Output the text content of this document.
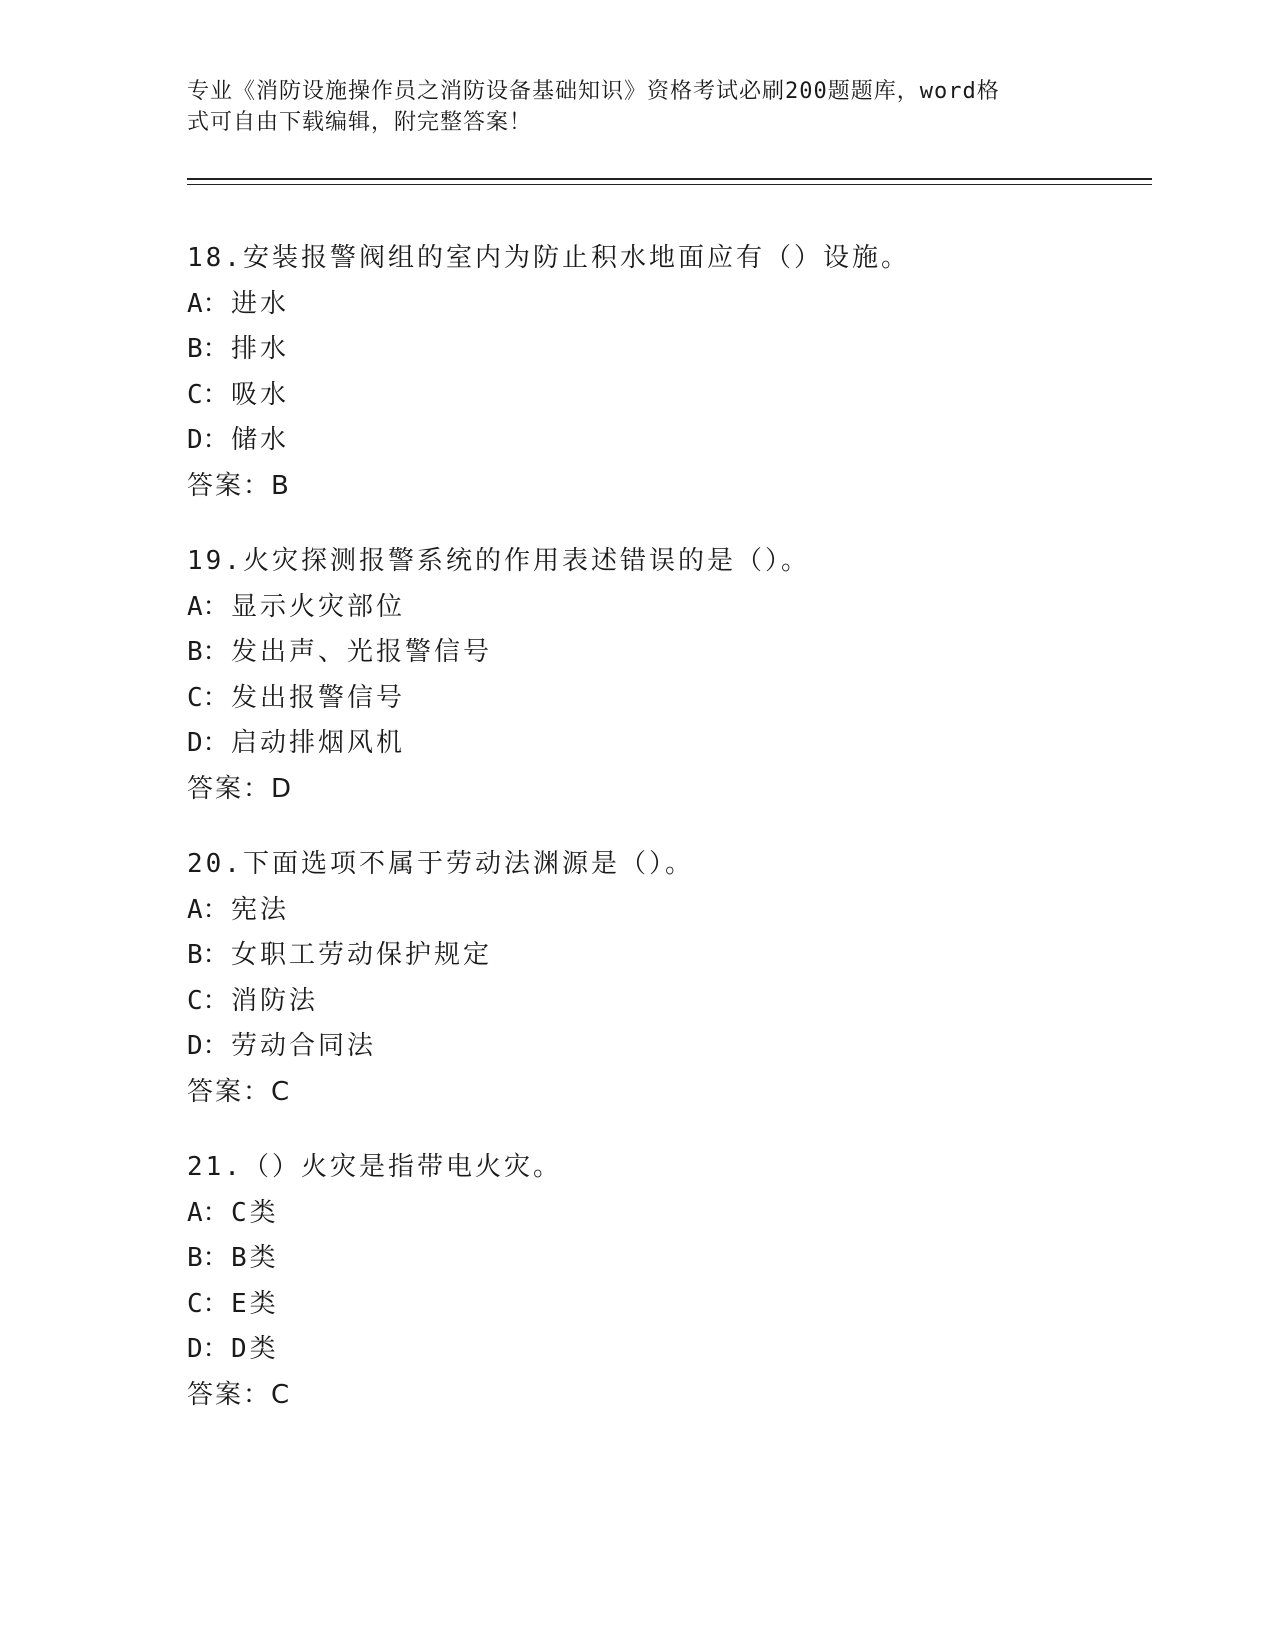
专业《消防设施操作员之消防设备基础知识》资格考试必刷200题题库，word格
式可自由下载编辑，附完整答案！
18.安装报警阀组的室内为防止积水地面应有（）设施。
A：进水
B：排水
C：吸水
D：储水
答案：B
19.火灾探测报警系统的作用表述错误的是（）。
A：显示火灾部位
B：发出声、光报警信号
C：发出报警信号
D：启动排烟风机
答案：D
20.下面选项不属于劳动法渊源是（）。
A：宪法
B：女职工劳动保护规定
C：消防法
D：劳动合同法
答案：C
21.（）火灾是指带电火灾。
A：C类
B：B类
C：E类
D：D类
答案：C
